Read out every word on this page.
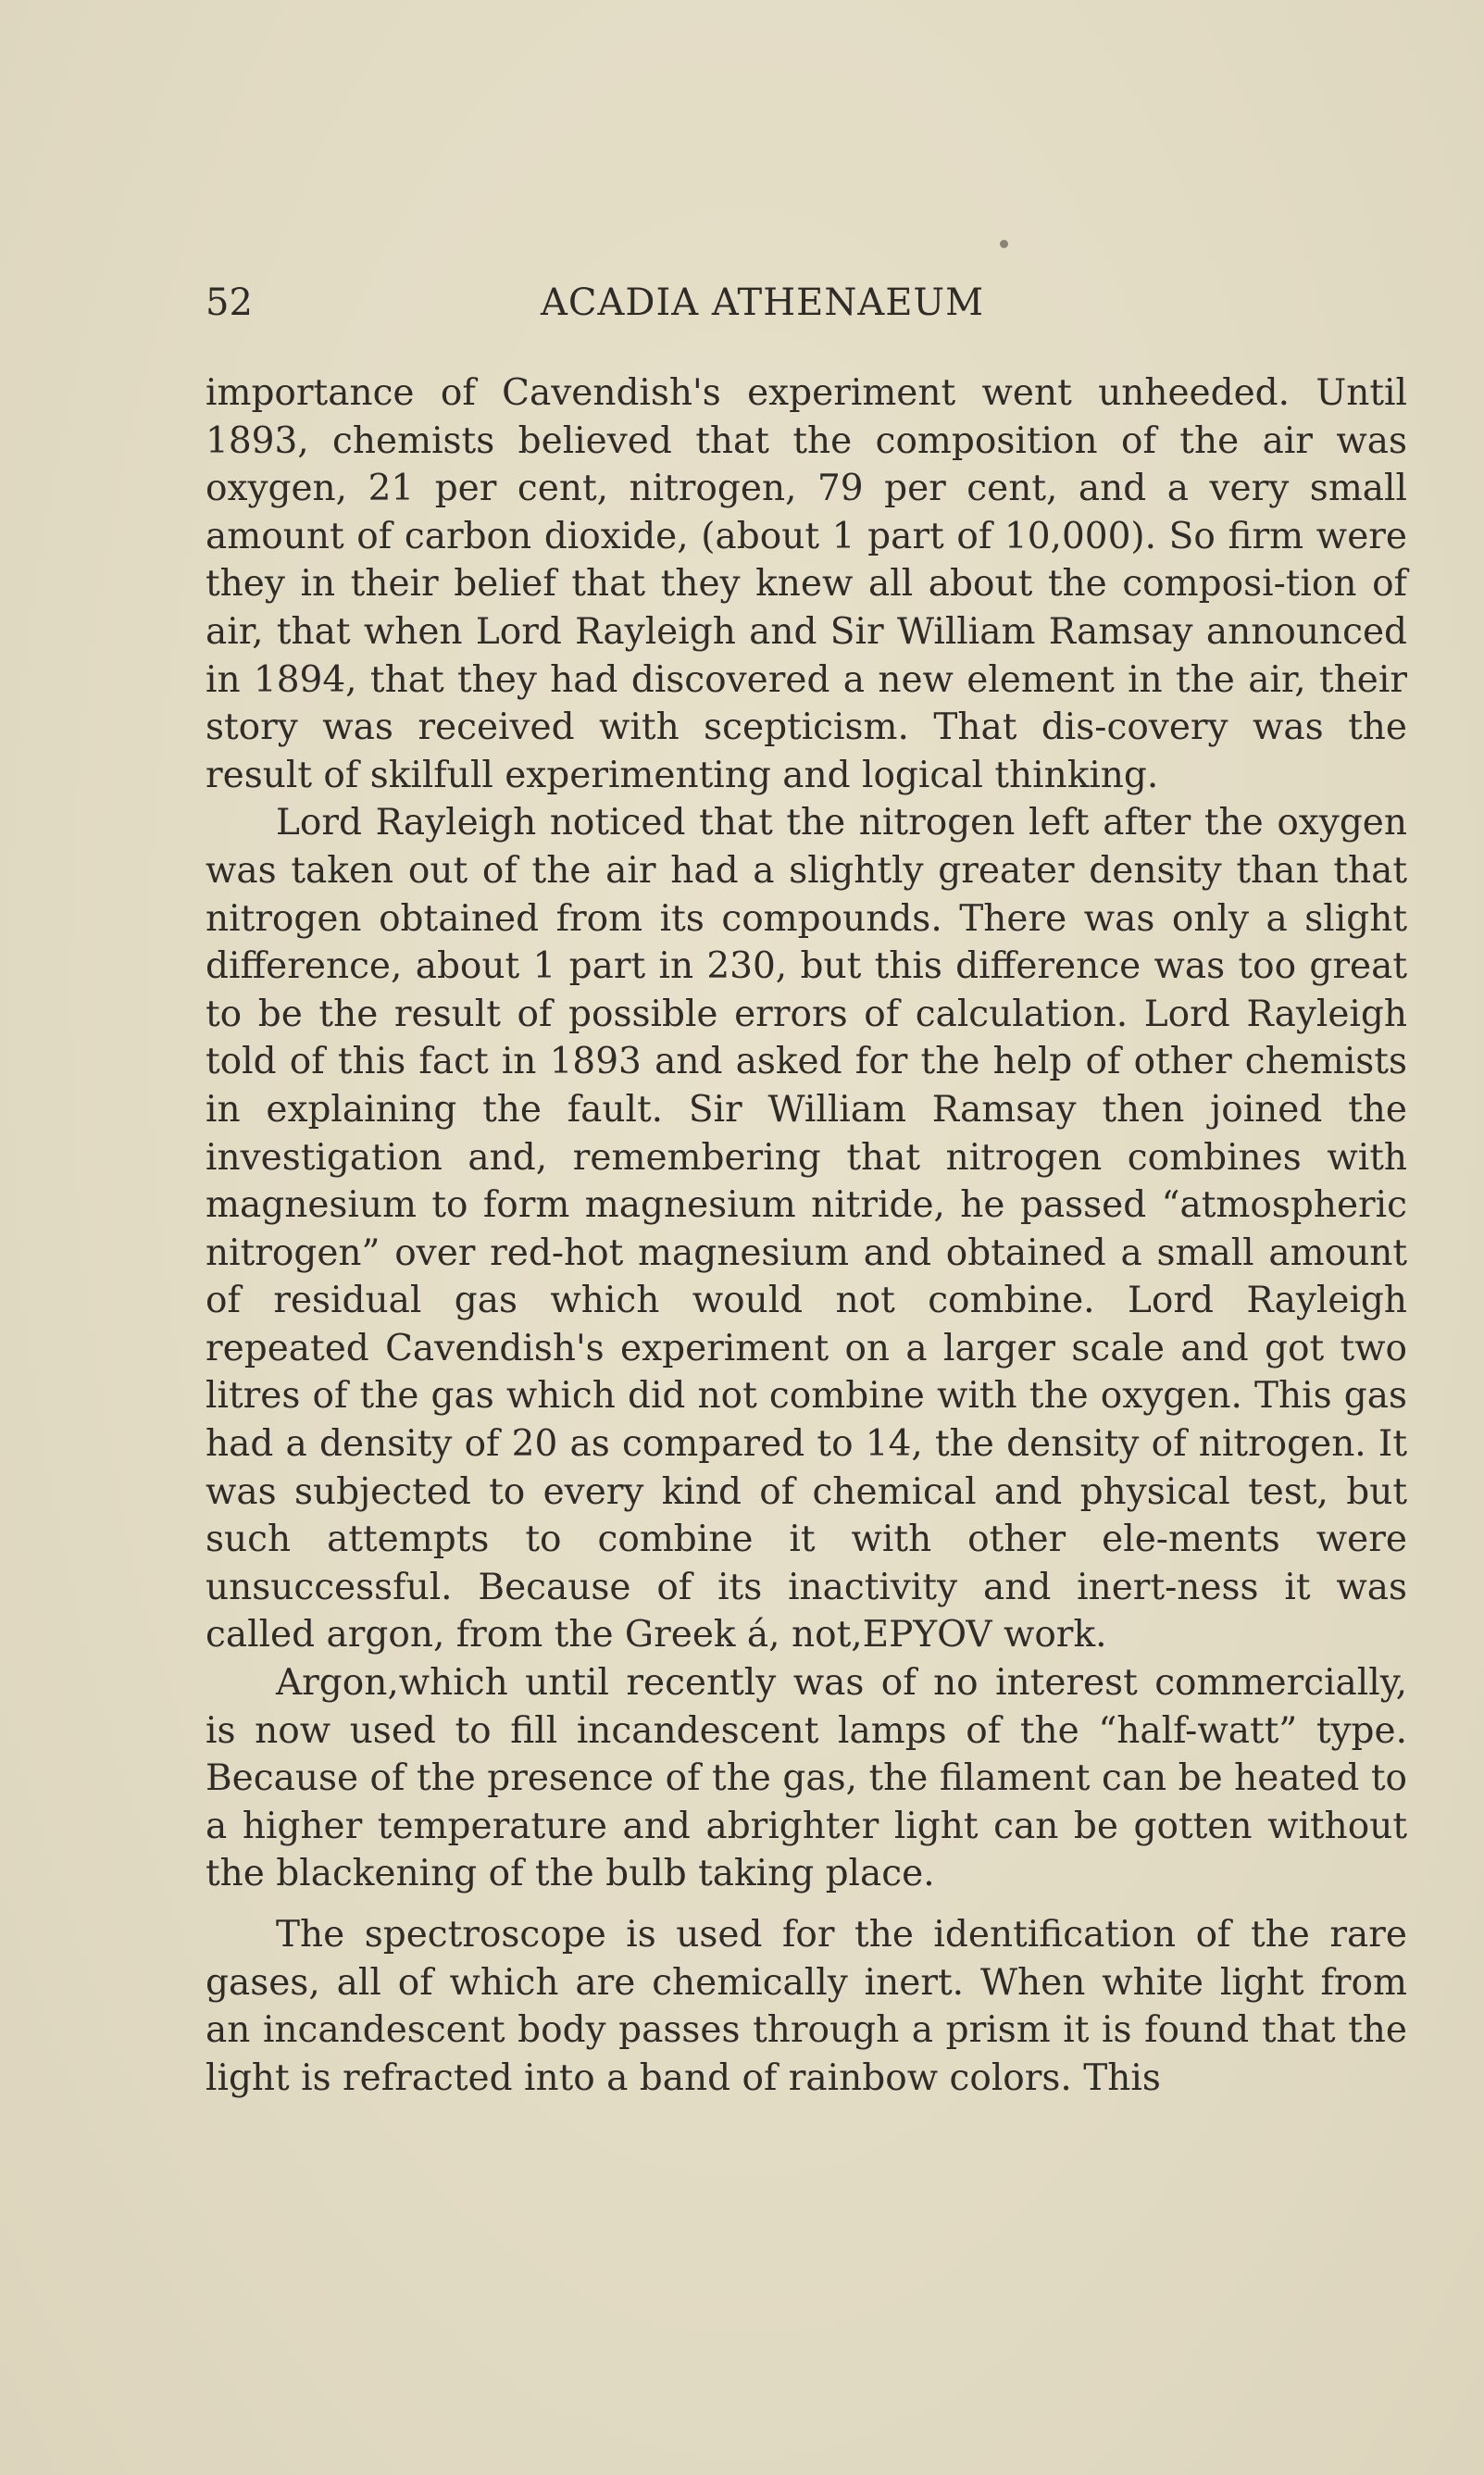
52	ACADIA ATHENAEUM

importance of Cavendish's experiment went unheeded. Until 1893, chemists believed that the composition of the air was oxygen, 21 per cent, nitrogen, 79 per cent, and a very small amount of carbon dioxide, (about 1 part of 10,000). So firm were they in their belief that they knew all about the composi-tion of air, that when Lord Rayleigh and Sir William Ramsay announced in 1894, that they had discovered a new element in the air, their story was received with scepticism. That dis-covery was the result of skilfull experimenting and logical thinking.

Lord Rayleigh noticed that the nitrogen left after the oxygen was taken out of the air had a slightly greater density than that nitrogen obtained from its compounds. There was only a slight difference, about 1 part in 230, but this difference was too great to be the result of possible errors of calculation. Lord Rayleigh told of this fact in 1893 and asked for the help of other chemists in explaining the fault. Sir William Ramsay then joined the investigation and, remembering that nitrogen combines with magnesium to form magnesium nitride, he passed “atmospheric nitrogen” over red-hot magnesium and obtained a small amount of residual gas which would not combine. Lord Rayleigh repeated Cavendish's experiment on a larger scale and got two litres of the gas which did not combine with the oxygen. This gas had a density of 20 as compared to 14, the density of nitrogen. It was subjected to every kind of chemical and physical test, but such attempts to combine it with other ele-ments were unsuccessful. Because of its inactivity and inert-ness it was called argon, from the Greek á, not,EPYOV work.

Argon,which until recently was of no interest commercially, is now used to fill incandescent lamps of the “half-watt” type. Because of the presence of the gas, the filament can be heated to a higher temperature and abrighter light can be gotten without the blackening of the bulb taking place.

The spectroscope is used for the identification of the rare gases, all of which are chemically inert. When white light from an incandescent body passes through a prism it is found that the light is refracted into a band of rainbow colors. This
